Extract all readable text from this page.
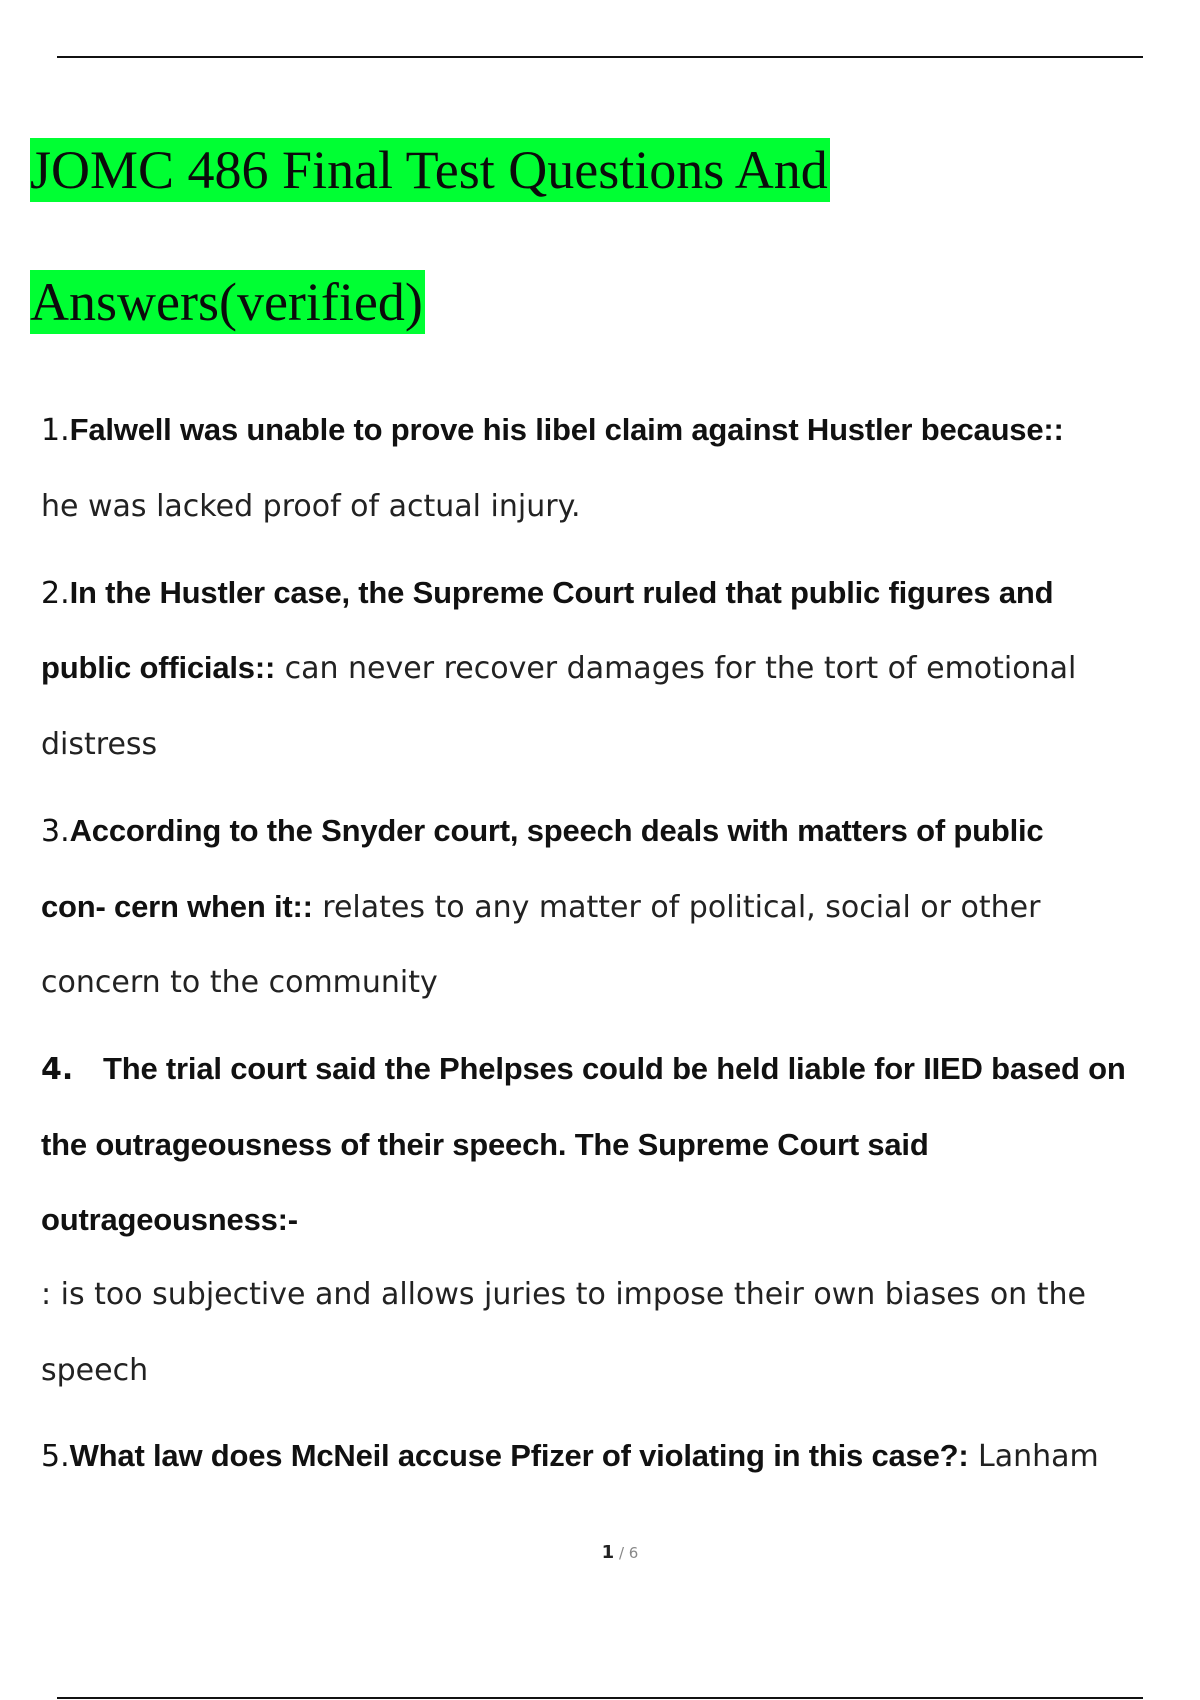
JOMC 486 Final Test Questions And
Answers(verified)
1.Falwell was unable to prove his libel claim against Hustler because::
he was lacked proof of actual injury.
2.In the Hustler case, the Supreme Court ruled that public figures and
public officials:: can never recover damages for the tort of emotional
distress
3.According to the Snyder court, speech deals with matters of public
con- cern when it:: relates to any matter of political, social or other
concern to the community
4. The trial court said the Phelpses could be held liable for IIED based on
the outrageousness of their speech. The Supreme Court said
outrageousness:-
: is too subjective and allows juries to impose their own biases on the
speech
5.What law does McNeil accuse Pfizer of violating in this case?: Lanham
1 / 6
